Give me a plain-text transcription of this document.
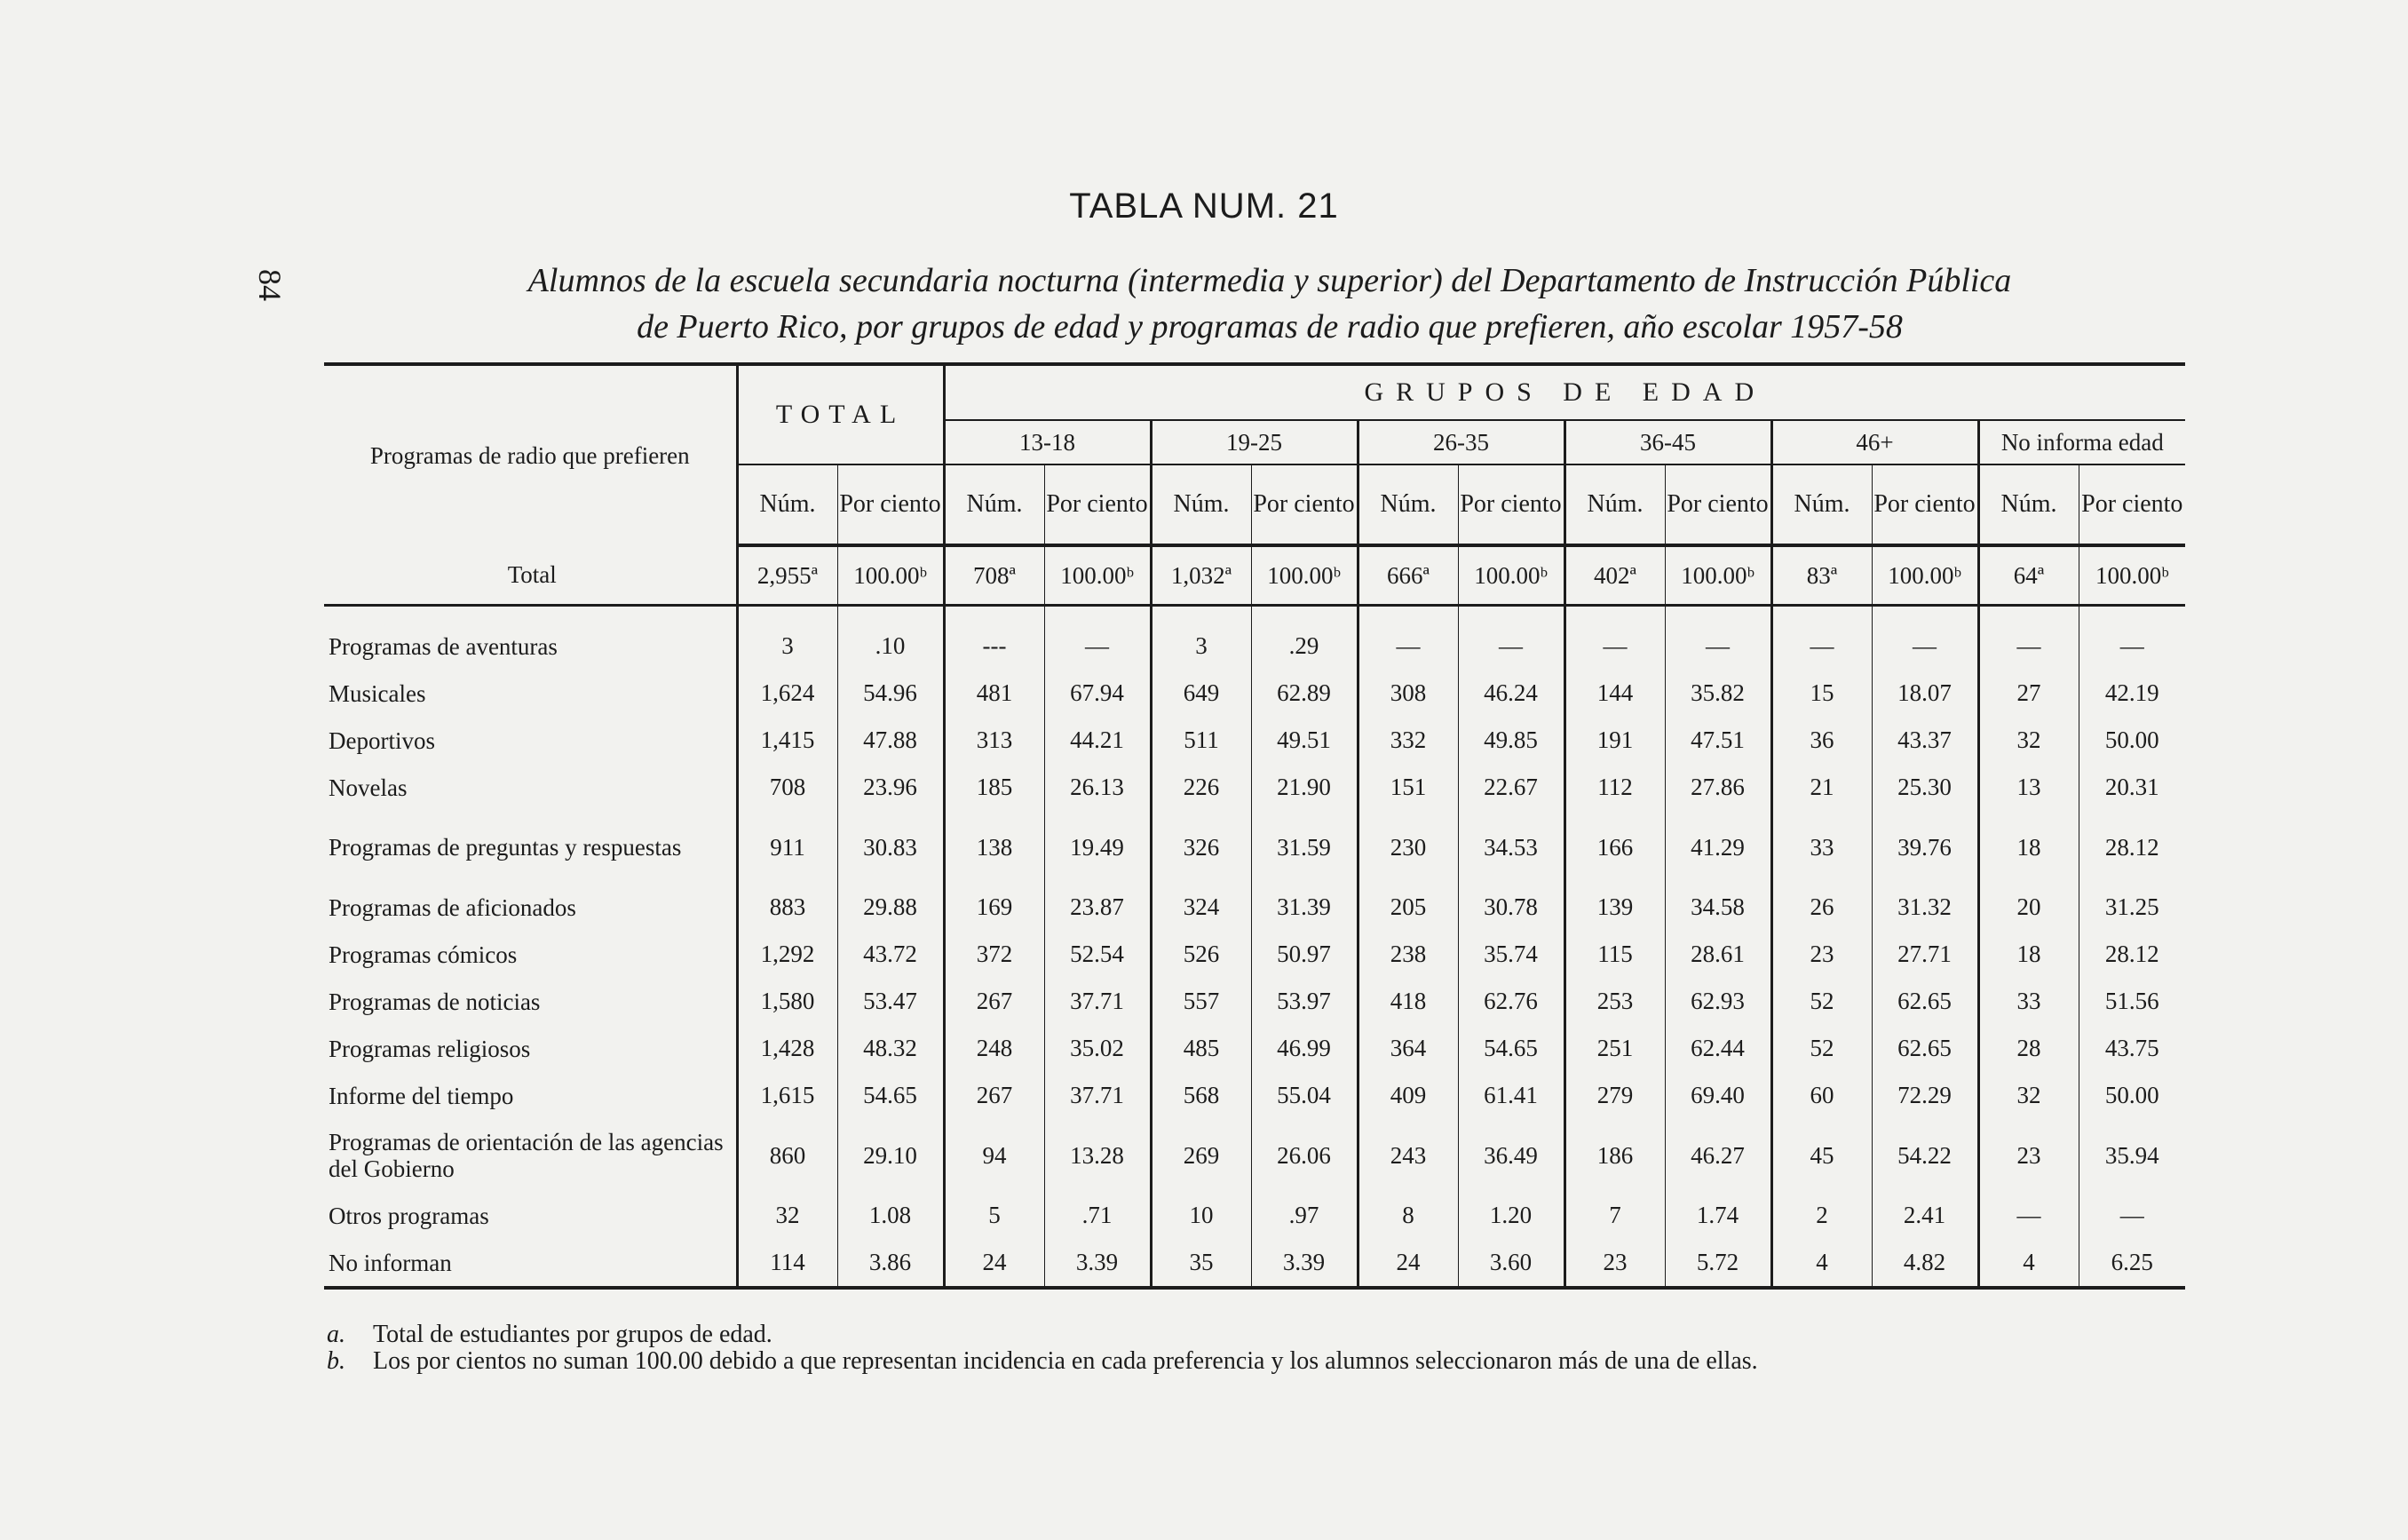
84
TABLA NUM. 21
Alumnos de la escuela secundaria nocturna (intermedia y superior) del Departamento de Instrucción Pública
de Puerto Rico, por grupos de edad y programas de radio que prefieren, año escolar 1957-58
Programas de radio que prefieren	TOTAL		GRUPOS DE EDAD											
			13-18		19-25		26-35		36-45		46+		No informa edad	
	Núm.	Por ciento	Núm.	Por ciento	Núm.	Por ciento	Núm.	Por ciento	Núm.	Por ciento	Núm.	Por ciento	Núm.	Por ciento
Total	2,955ª	100.00ᵇ	708ª	100.00ᵇ	1,032ª	100.00ᵇ	666ª	100.00ᵇ	402ª	100.00ᵇ	83ª	100.00ᵇ	64ª	100.00ᵇ
Programas de aventuras	3	.10	---	—	3	.29	—	—	—	—	—	—	—	—
Musicales	1,624	54.96	481	67.94	649	62.89	308	46.24	144	35.82	15	18.07	27	42.19
Deportivos	1,415	47.88	313	44.21	511	49.51	332	49.85	191	47.51	36	43.37	32	50.00
Novelas	708	23.96	185	26.13	226	21.90	151	22.67	112	27.86	21	25.30	13	20.31
Programas de preguntas y respuestas	911	30.83	138	19.49	326	31.59	230	34.53	166	41.29	33	39.76	18	28.12
Programas de aficionados	883	29.88	169	23.87	324	31.39	205	30.78	139	34.58	26	31.32	20	31.25
Programas cómicos	1,292	43.72	372	52.54	526	50.97	238	35.74	115	28.61	23	27.71	18	28.12
Programas de noticias	1,580	53.47	267	37.71	557	53.97	418	62.76	253	62.93	52	62.65	33	51.56
Programas religiosos	1,428	48.32	248	35.02	485	46.99	364	54.65	251	62.44	52	62.65	28	43.75
Informe del tiempo	1,615	54.65	267	37.71	568	55.04	409	61.41	279	69.40	60	72.29	32	50.00
Programas de orientación de las agencias del Gobierno	860	29.10	94	13.28	269	26.06	243	36.49	186	46.27	45	54.22	23	35.94
Otros programas	32	1.08	5	.71	10	.97	8	1.20	7	1.74	2	2.41	—	—
No informan	114	3.86	24	3.39	35	3.39	24	3.60	23	5.72	4	4.82	4	6.25
a.	Total de estudiantes por grupos de edad.
b.	Los por cientos no suman 100.00 debido a que representan incidencia en cada preferencia y los alumnos seleccionaron más de una de ellas.
